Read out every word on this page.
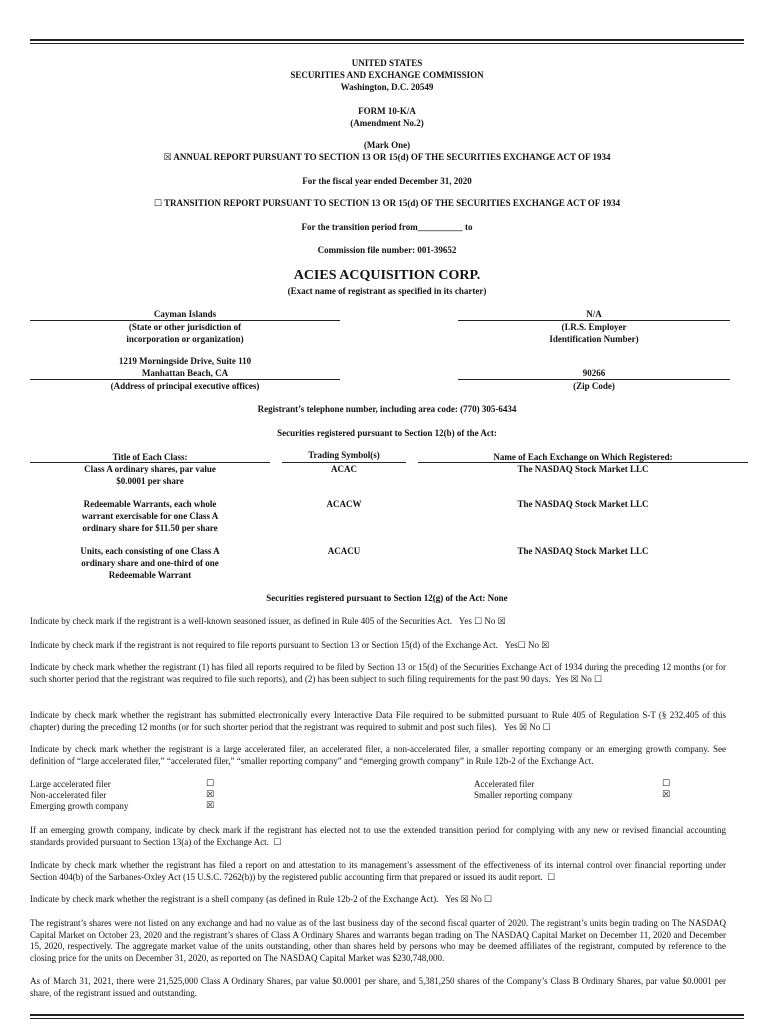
UNITED STATES
SECURITIES AND EXCHANGE COMMISSION
Washington, D.C. 20549
FORM 10-K/A
(Amendment No.2)
(Mark One)
☒ ANNUAL REPORT PURSUANT TO SECTION 13 OR 15(d) OF THE SECURITIES EXCHANGE ACT OF 1934
For the fiscal year ended December 31, 2020
☐ TRANSITION REPORT PURSUANT TO SECTION 13 OR 15(d) OF THE SECURITIES EXCHANGE ACT OF 1934
For the transition period from__________ to
Commission file number: 001-39652
ACIES ACQUISITION CORP.
(Exact name of registrant as specified in its charter)
Cayman Islands
(State or other jurisdiction of
incorporation or organization)
N/A
(I.R.S. Employer
Identification Number)
1219 Morningside Drive, Suite 110
Manhattan Beach, CA
(Address of principal executive offices)
90266
(Zip Code)
Registrant’s telephone number, including area code: (770) 305-6434
Securities registered pursuant to Section 12(b) of the Act:
Title of Each Class:	Trading Symbol(s)	Name of Each Exchange on Which Registered:
Class A ordinary shares, par value
$0.0001 per share
ACAC	The NASDAQ Stock Market LLC
Redeemable Warrants, each whole
warrant exercisable for one Class A
ordinary share for $11.50 per share
ACACW	The NASDAQ Stock Market LLC
Units, each consisting of one Class A
ordinary share and one-third of one
Redeemable Warrant
ACACU	The NASDAQ Stock Market LLC
Securities registered pursuant to Section 12(g) of the Act: None
Indicate by check mark if the registrant is a well-known seasoned issuer, as defined in Rule 405 of the Securities Act. Yes ☐ No ☒
Indicate by check mark if the registrant is not required to file reports pursuant to Section 13 or Section 15(d) of the Exchange Act. Yes☐ No ☒
Indicate by check mark whether the registrant (1) has filed all reports required to be filed by Section 13 or 15(d) of the Securities Exchange Act of 1934 during the preceding 12 months (or for such shorter period that the registrant was required to file such reports), and (2) has been subject to such filing requirements for the past 90 days. Yes ☒ No ☐
Indicate by check mark whether the registrant has submitted electronically every Interactive Data File required to be submitted pursuant to Rule 405 of Regulation S-T (§ 232.405 of this chapter) during the preceding 12 months (or for such shorter period that the registrant was required to submit and post such files). Yes ☒ No ☐
Indicate by check mark whether the registrant is a large accelerated filer, an accelerated filer, a non-accelerated filer, a smaller reporting company or an emerging growth company. See definition of “large accelerated filer,” “accelerated filer,” “smaller reporting company” and “emerging growth company” in Rule 12b-2 of the Exchange Act.
Large accelerated filer	☐
Non-accelerated filer	☒
Emerging growth company	☒
Accelerated filer	☐
Smaller reporting company	☒
If an emerging growth company, indicate by check mark if the registrant has elected not to use the extended transition period for complying with any new or revised financial accounting standards provided pursuant to Section 13(a) of the Exchange Act. ☐
Indicate by check mark whether the registrant has filed a report on and attestation to its management’s assessment of the effectiveness of its internal control over financial reporting under Section 404(b) of the Sarbanes-Oxley Act (15 U.S.C. 7262(b)) by the registered public accounting firm that prepared or issued its audit report. ☐
Indicate by check mark whether the registrant is a shell company (as defined in Rule 12b-2 of the Exchange Act). Yes ☒ No ☐
The registrant’s shares were not listed on any exchange and had no value as of the last business day of the second fiscal quarter of 2020. The registrant’s units begin trading on The NASDAQ Capital Market on October 23, 2020 and the registrant’s shares of Class A Ordinary Shares and warrants began trading on The NASDAQ Capital Market on December 11, 2020 and December 15, 2020, respectively. The aggregate market value of the units outstanding, other than shares held by persons who may be deemed affiliates of the registrant, computed by reference to the closing price for the units on December 31, 2020, as reported on The NASDAQ Capital Market was $230,748,000.
As of March 31, 2021, there were 21,525,000 Class A Ordinary Shares, par value $0.0001 per share, and 5,381,250 shares of the Company’s Class B Ordinary Shares, par value $0.0001 per share, of the registrant issued and outstanding.
